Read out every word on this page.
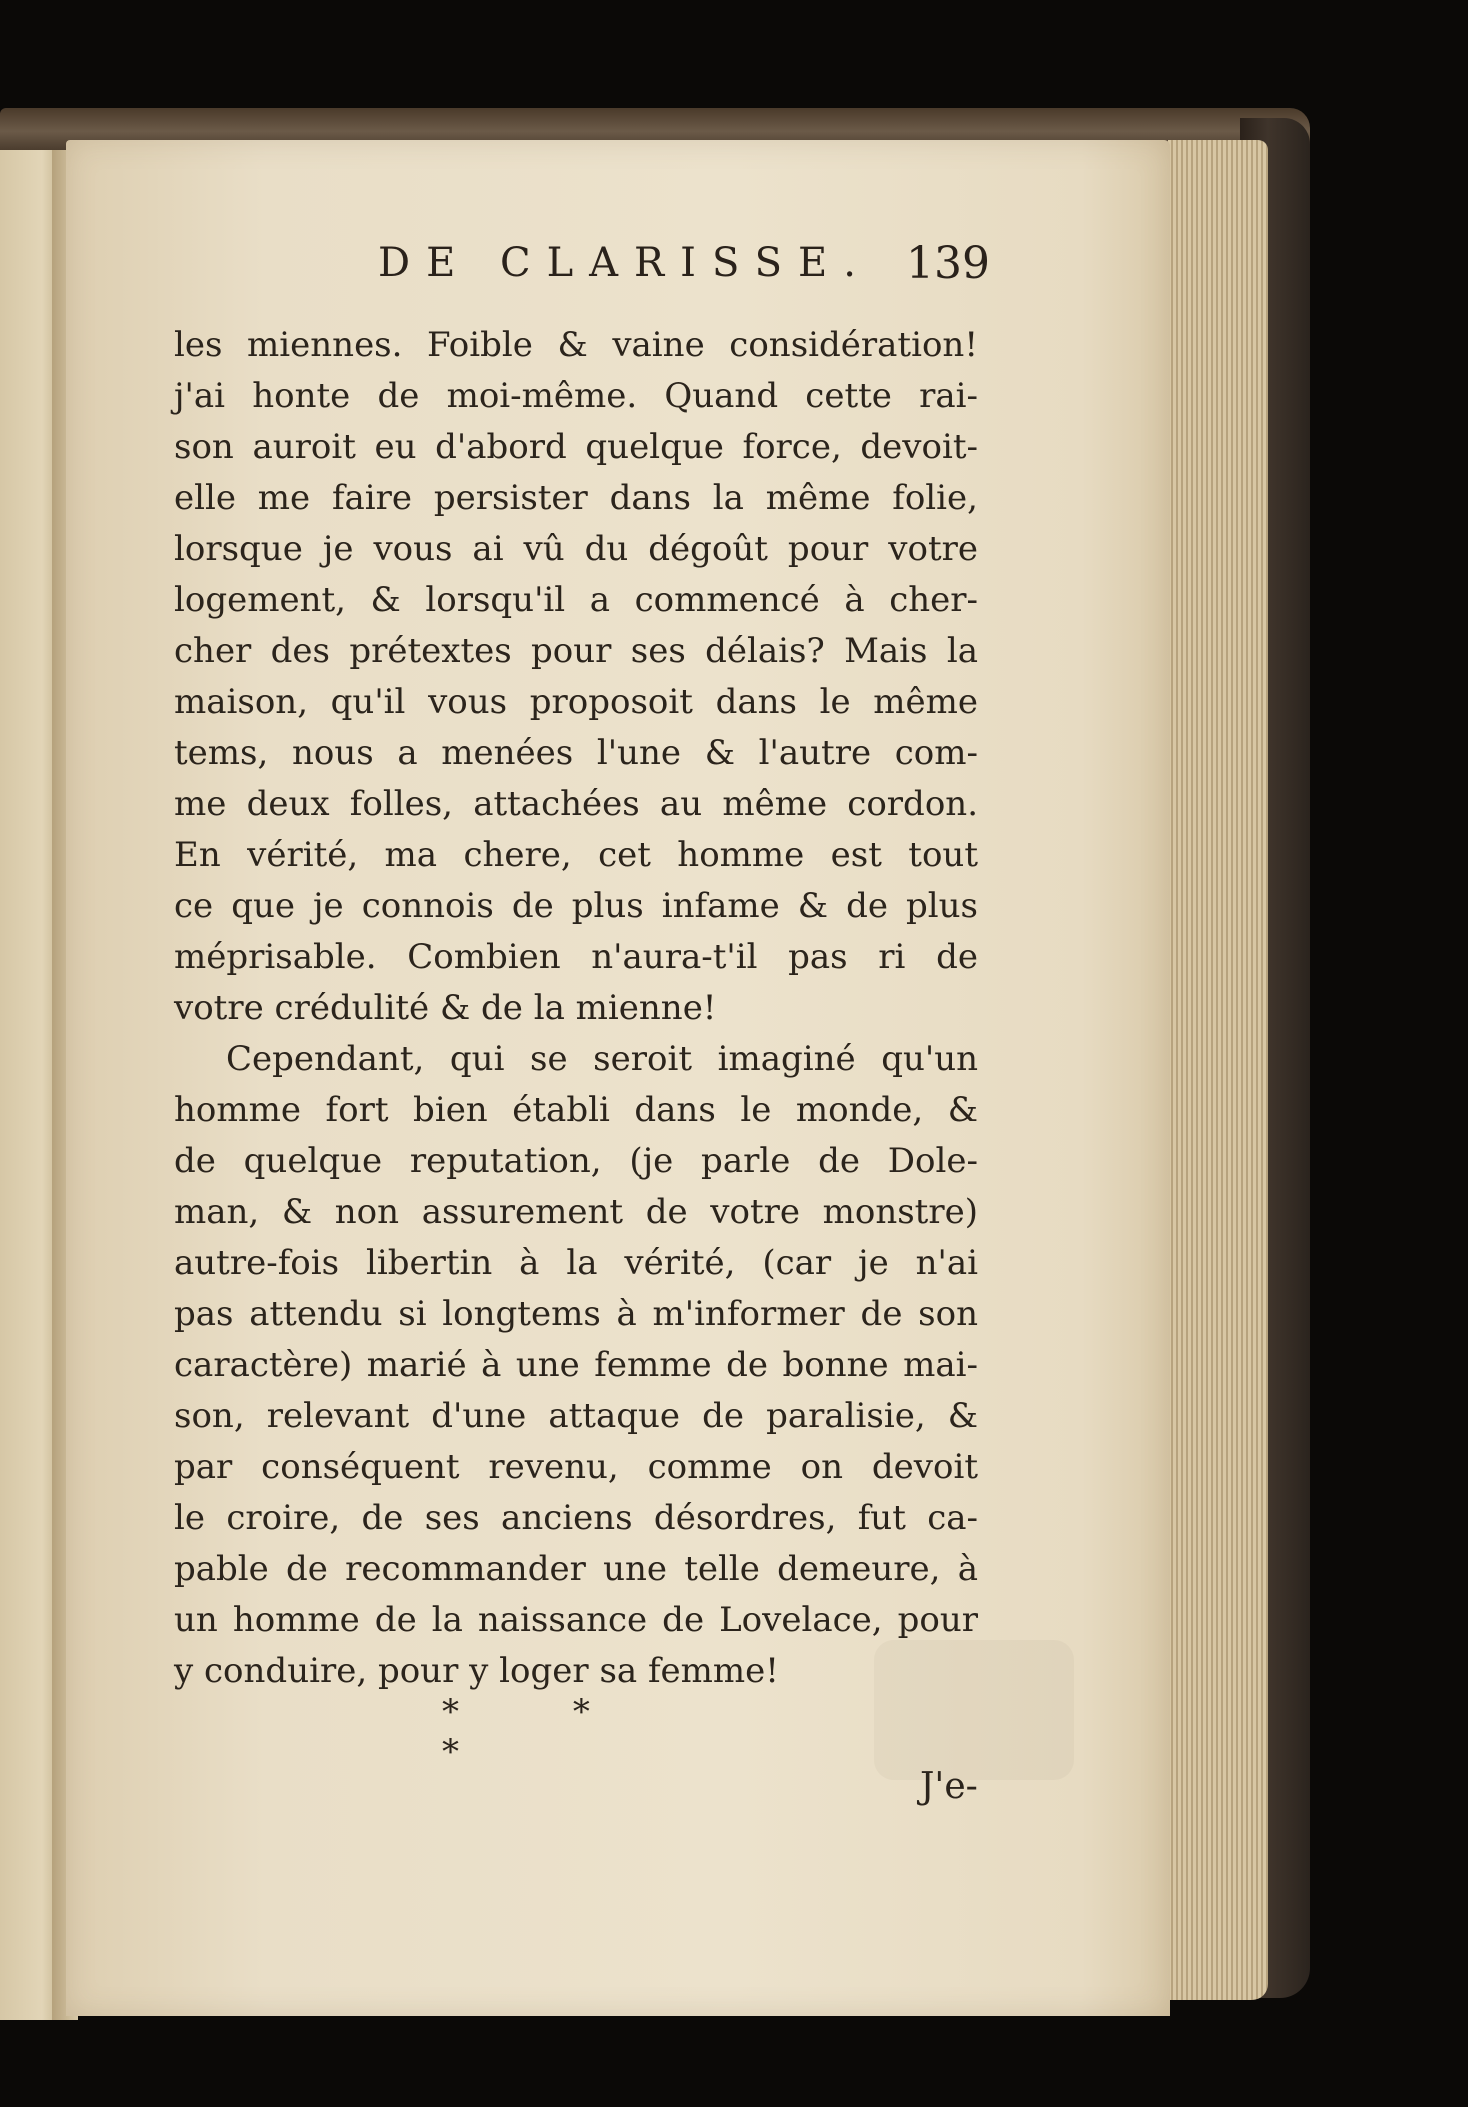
DE CLARISSE. 139
les miennes. Foible & vaine considération!
j'ai honte de moi-même. Quand cette rai-
son auroit eu d'abord quelque force, devoit-
elle me faire persister dans la même folie,
lorsque je vous ai vû du dégoût pour votre
logement, & lorsqu'il a commencé à cher-
cher des prétextes pour ses délais? Mais la
maison, qu'il vous proposoit dans le même
tems, nous a menées l'une & l'autre com-
me deux folles, attachées au même cordon.
En vérité, ma chere, cet homme est tout
ce que je connois de plus infame & de plus
méprisable. Combien n'aura-t'il pas ri de
votre crédulité & de la mienne!
Cependant, qui se seroit imaginé qu'un
homme fort bien établi dans le monde, &
de quelque reputation, (je parle de Dole-
man, & non assurement de votre monstre)
autre-fois libertin à la vérité, (car je n'ai
pas attendu si longtems à m'informer de son
caractère) marié à une femme de bonne mai-
son, relevant d'une attaque de paralisie, &
par conséquent revenu, comme on devoit
le croire, de ses anciens désordres, fut ca-
pable de recommander une telle demeure, à
un homme de la naissance de Lovelace, pour
y conduire, pour y loger sa femme!
*	* *
J'e-
